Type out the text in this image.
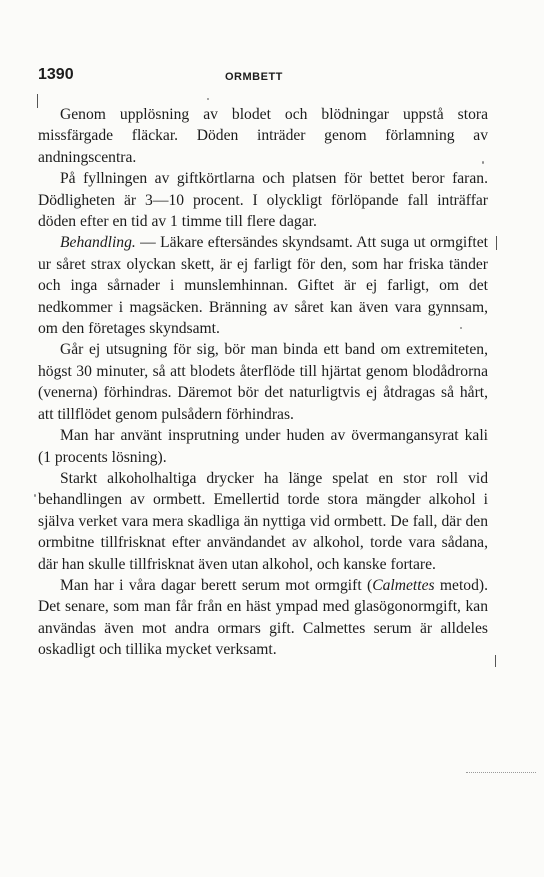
1390	ORMBETT

Genom upplösning av blodet och blödningar uppstå stora missfärgade fläckar. Döden inträder genom förlamning av andningscentra.

På fyllningen av giftkörtlarna och platsen för bettet beror faran. Dödligheten är 3—10 procent. I olyckligt förlöpande fall inträffar döden efter en tid av 1 timme till flere dagar.

Behandling. — Läkare eftersändes skyndsamt. Att suga ut ormgiftet ur såret strax olyckan skett, är ej farligt för den, som har friska tänder och inga sårnader i munslemhinnan. Giftet är ej farligt, om det nedkommer i magsäcken. Bränning av såret kan även vara gynnsam, om den företages skyndsamt.

Går ej utsugning för sig, bör man binda ett band om extremiteten, högst 30 minuter, så att blodets återflöde till hjärtat genom blodådrorna (venerna) förhindras. Däremot bör det naturligtvis ej åtdragas så hårt, att tillflödet genom pulsådern förhindras.

Man har använt insprutning under huden av övermangansyrat kali (1 procents lösning).

Starkt alkoholhaltiga drycker ha länge spelat en stor roll vid behandlingen av ormbett. Emellertid torde stora mängder alkohol i själva verket vara mera skadliga än nyttiga vid ormbett. De fall, där den ormbitne tillfrisknat efter användandet av alkohol, torde vara sådana, där han skulle tillfrisknat även utan alkohol, och kanske fortare.

Man har i våra dagar berett serum mot ormgift (Calmettes metod). Det senare, som man får från en häst ympad med glasögonormgift, kan användas även mot andra ormars gift. Calmettes serum är alldeles oskadligt och tillika mycket verksamt.
